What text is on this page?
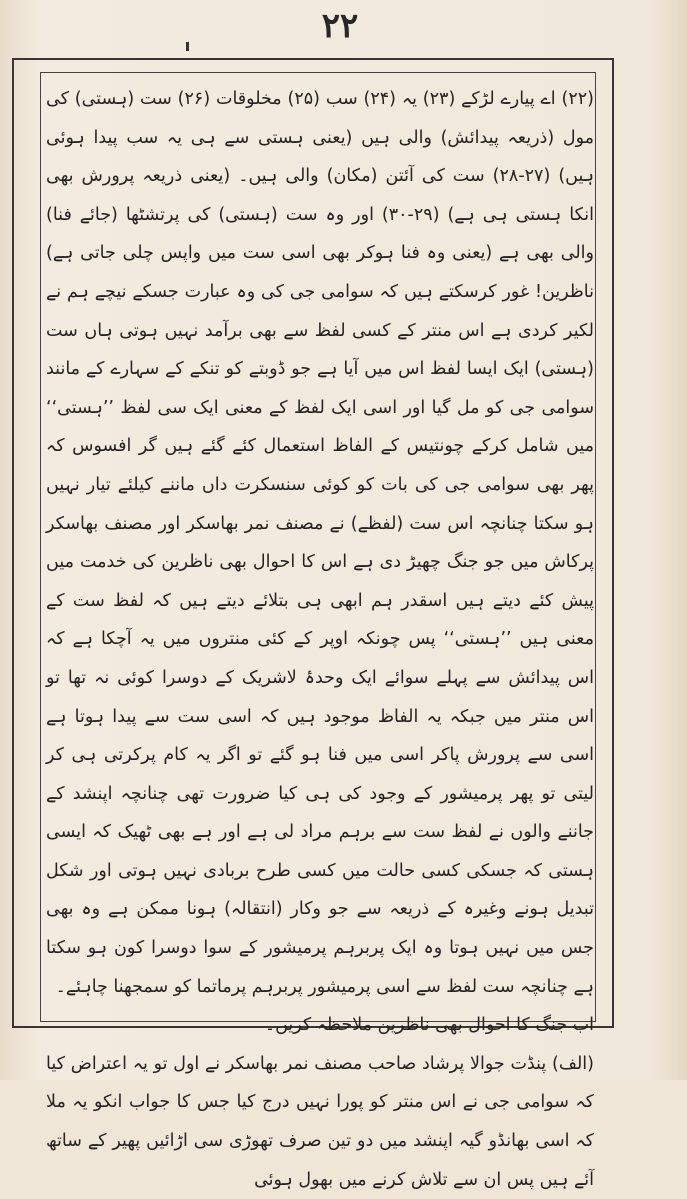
۲۲

(۲۲) اے پیارے لڑکے (۲۳) یہ (۲۴) سب (۲۵) مخلوقات (۲۶) ست (ہستی) کی مول (ذریعہ پیدائش) والی ہیں (یعنی ہستی سے ہی یہ سب پیدا ہوئی ہیں) (۲۷-۲۸) ست کی آئتن (مکان) والی ہیں۔ (یعنی ذریعہ پرورش بھی انکا ہستی ہی ہے) (۲۹-۳۰) اور وہ ست (ہستی) کی پرتشٹھا (جائے فنا) والی بھی ہے (یعنی وہ فنا ہوکر بھی اسی ست میں واپس چلی جاتی ہے) ناظرین! غور کرسکتے ہیں کہ سوامی جی کی وہ عبارت جسکے نیچے ہم نے لکیر کردی ہے اس منتر کے کسی لفظ سے بھی برآمد نہیں ہوتی ہاں ست (ہستی) ایک ایسا لفظ اس میں آیا ہے جو ڈوبتے کو تنکے کے سہارے کے مانند سوامی جی کو مل گیا اور اسی ایک لفظ کے معنی ایک سی لفظ ’’ہستی‘‘ میں شامل کرکے چونتیس کے الفاظ استعمال کئے گئے ہیں گر افسوس کہ پھر بھی سوامی جی کی بات کو کوئی سنسکرت داں ماننے کیلئے تیار نہیں ہو سکتا چنانچہ اس ست (لفظے) نے مصنف نمر بھاسکر اور مصنف بھاسکر پرکاش میں جو جنگ چھیڑ دی ہے اس کا احوال بھی ناظرین کی خدمت میں پیش کئے دیتے ہیں اسقدر ہم ابھی ہی بتلائے دیتے ہیں کہ لفظ ست کے معنی ہیں ’’ہستی‘‘ پس چونکہ اوپر کے کئی منتروں میں یہ آچکا ہے کہ اس پیدائش سے پہلے سوائے ایک وحدۂ لاشریک کے دوسرا کوئی نہ تھا تو اس منتر میں جبکہ یہ الفاظ موجود ہیں کہ اسی ست سے پیدا ہوتا ہے اسی سے پرورش پاکر اسی میں فنا ہو گئے تو اگر یہ کام پرکرتی ہی کر لیتی تو پھر پرمیشور کے وجود کی ہی کیا ضرورت تھی چنانچہ اپنشد کے جاننے والوں نے لفظ ست سے برہم مراد لی ہے اور ہے بھی ٹھیک کہ ایسی ہستی کہ جسکی کسی حالت میں کسی طرح بربادی نہیں ہوتی اور شکل تبدیل ہونے وغیرہ کے ذریعہ سے جو وکار (انتقالہ) ہونا ممکن ہے وہ بھی جس میں نہیں ہوتا وہ ایک پربرہم پرمیشور کے سوا دوسرا کون ہو سکتا ہے چنانچہ ست لفظ سے اسی پرمیشور پربرہم پرماتما کو سمجھنا چاہئے۔

اب جنگ کا احوال بھی ناظرین ملاحظہ کریں۔

(الف) پنڈت جوالا پرشاد صاحب مصنف نمر بھاسکر نے اول تو یہ اعتراض کیا کہ سوامی جی نے اس منتر کو پورا نہیں درج کیا جس کا جواب انکو یہ ملا کہ اسی بھانڈو گیہ اپنشد میں دو تین صرف تھوڑی سی اڑائیں پھیر کے ساتھ آئے ہیں پس ان سے تلاش کرنے میں بھول ہوئی
